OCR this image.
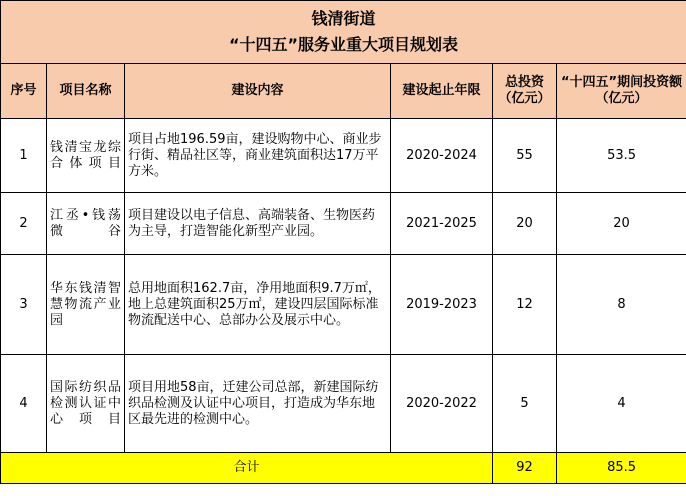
钱清街道
“十四五”服务业重大项目规划表					

序号	项目名称	建设内容	建设起止年限	总投资（亿元）	“十四五”期间投资额（亿元）
1	钱清宝龙综合体项目	项目占地196.59亩，建设购物中心、商业步行街、精品社区等，商业建筑面积达17万平方米。	2020-2024	55	53.5
2	江丞•钱荡微谷	项目建设以电子信息、高端装备、生物医药为主导，打造智能化新型产业园。	2021-2025	20	20
3	华东钱清智慧物流产业园	总用地面积162.7亩，净用地面积9.7万㎡，地上总建筑面积25万㎡，建设四层国际标准物流配送中心、总部办公及展示中心。	2019-2023	12	8
4	国际纺织品检测认证中心项目	项目用地58亩，迁建公司总部，新建国际纺织品检测及认证中心项目，打造成为华东地区最先进的检测中心。	2020-2022	5	4
合计				92	85.5
